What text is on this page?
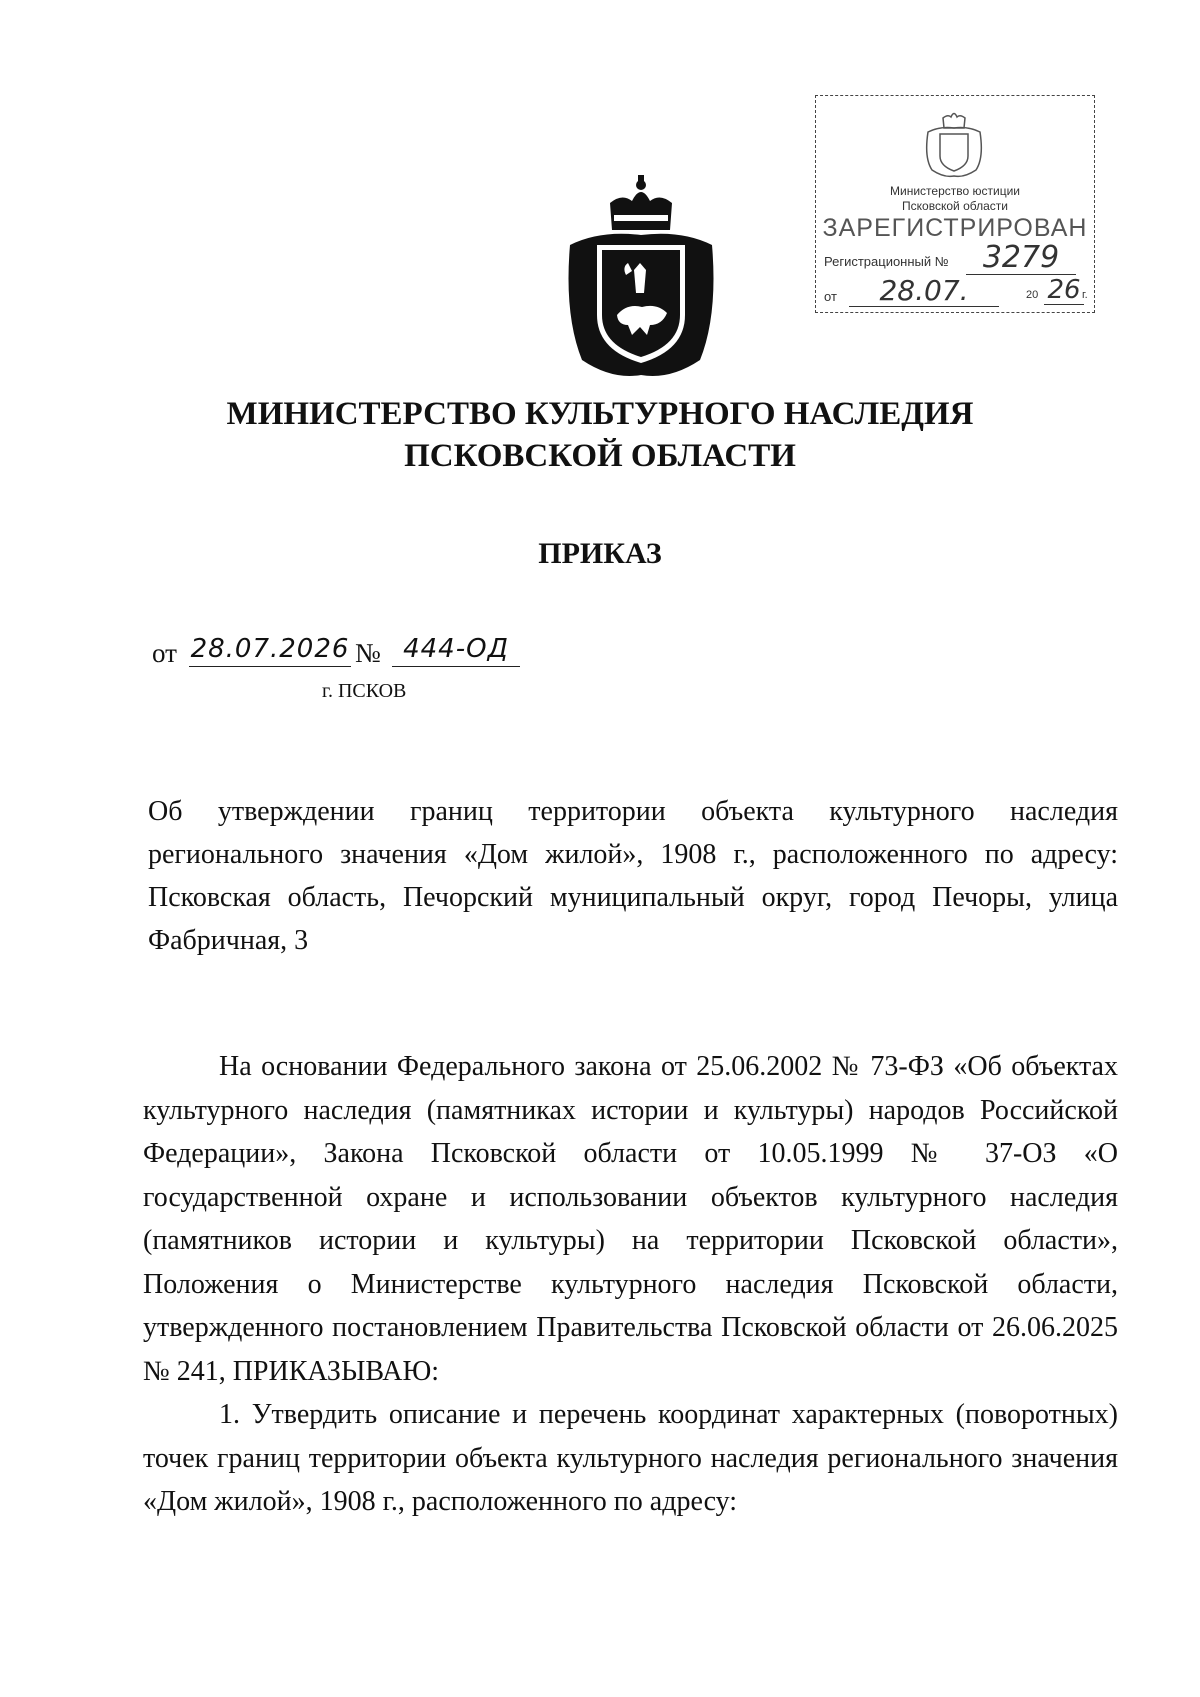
Министерство юстиции
Псковской области
ЗАРЕГИСТРИРОВАН
Регистрационный №	3279
от	28.07.	20 26 г.
МИНИСТЕРСТВО КУЛЬТУРНОГО НАСЛЕДИЯ
ПСКОВСКОЙ ОБЛАСТИ
ПРИКАЗ
от 28.07.2026 № 444-ОД
г. ПСКОВ
Об утверждении границ территории объекта культурного наследия регионального значения «Дом жилой», 1908 г., расположенного по адресу: Псковская область, Печорский муниципальный округ, город Печоры, улица Фабричная, 3

На основании Федерального закона от 25.06.2002 № 73-ФЗ «Об объектах культурного наследия (памятниках истории и культуры) народов Российской Федерации», Закона Псковской области от 10.05.1999 № 37-ОЗ «О государственной охране и использовании объектов культурного наследия (памятников истории и культуры) на территории Псковской области», Положения о Министерстве культурного наследия Псковской области, утвержденного постановлением Правительства Псковской области от 26.06.2025 № 241, ПРИКАЗЫВАЮ:

1. Утвердить описание и перечень координат характерных (поворотных) точек границ территории объекта культурного наследия регионального значения «Дом жилой», 1908 г., расположенного по адресу:
